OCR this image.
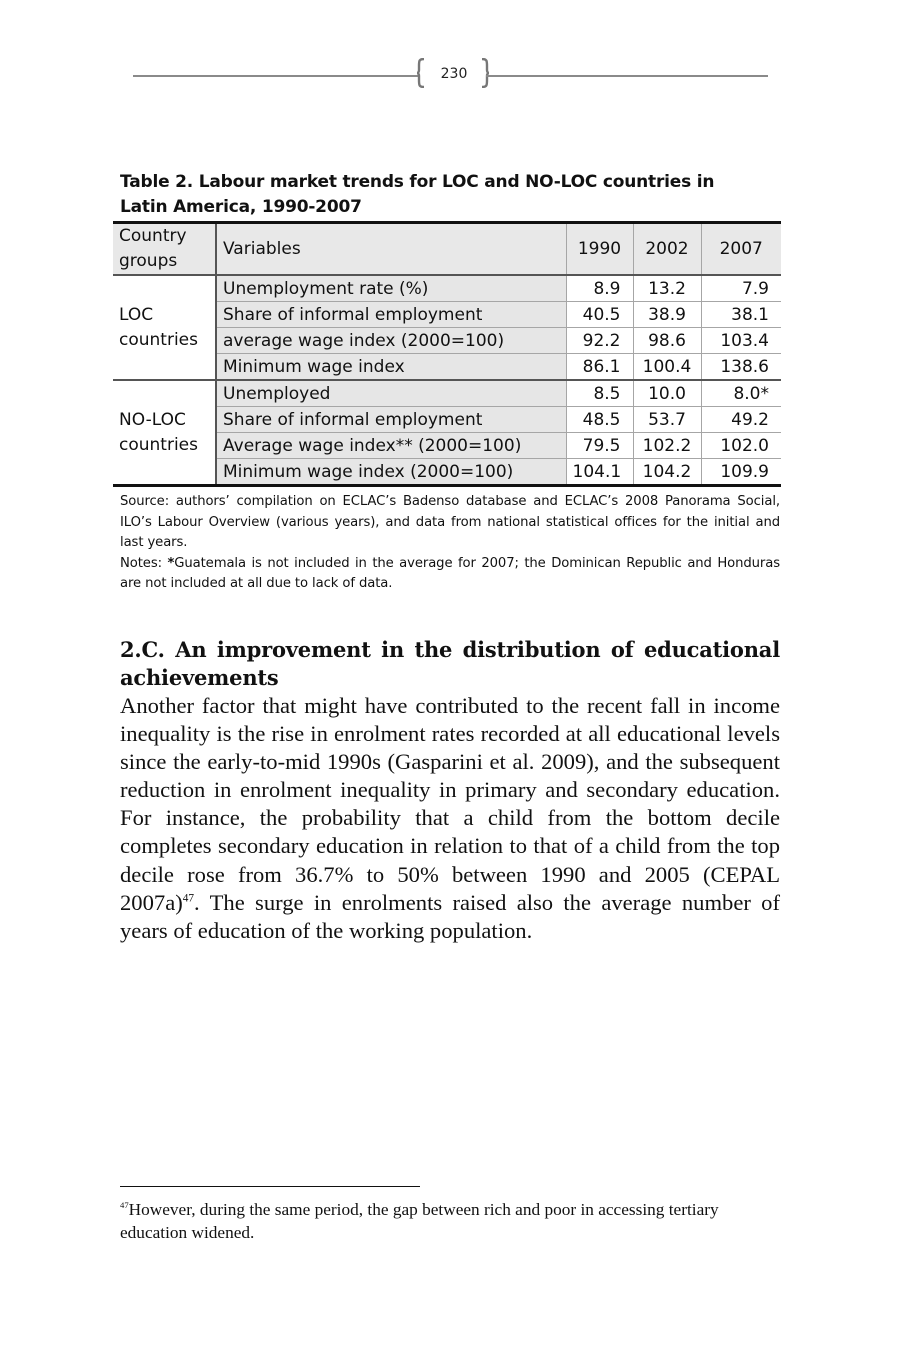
230
Table 2. Labour market trends for LOC and NO-LOC countries in Latin America, 1990-2007
Country groups	Variables	1990	2002	2007
LOC countries	Unemployment rate (%)	8.9	13.2	7.9
	Share of informal employment	40.5	38.9	38.1
	average wage index (2000=100)	92.2	98.6	103.4
	Minimum wage index	86.1	100.4	138.6
NO-LOC countries	Unemployed	8.5	10.0	8.0*
	Share of informal employment	48.5	53.7	49.2
	Average wage index** (2000=100)	79.5	102.2	102.0
	Minimum wage index (2000=100)	104.1	104.2	109.9

Source: authors’ compilation on ECLAC’s Badenso database and ECLAC’s 2008 Panorama Social, ILO’s Labour Overview (various years), and data from national statistical offices for the initial and last years.

Notes: *Guatemala is not included in the average for 2007; the Dominican Republic and Honduras are not included at all due to lack of data.

2.C. An improvement in the distribution of educational achievements

Another factor that might have contributed to the recent fall in income inequality is the rise in enrolment rates recorded at all educational levels since the early-to-mid 1990s (Gasparini et al. 2009), and the subsequent reduction in enrolment inequality in primary and secondary education. For instance, the probability that a child from the bottom decile completes secondary education in relation to that of a child from the top decile rose from 36.7% to 50% between 1990 and 2005 (CEPAL 2007a)$^{47}$. The surge in enrolments raised also the average number of years of education of the working population.

$^{47}$However, during the same period, the gap between rich and poor in accessing tertiary education widened.
